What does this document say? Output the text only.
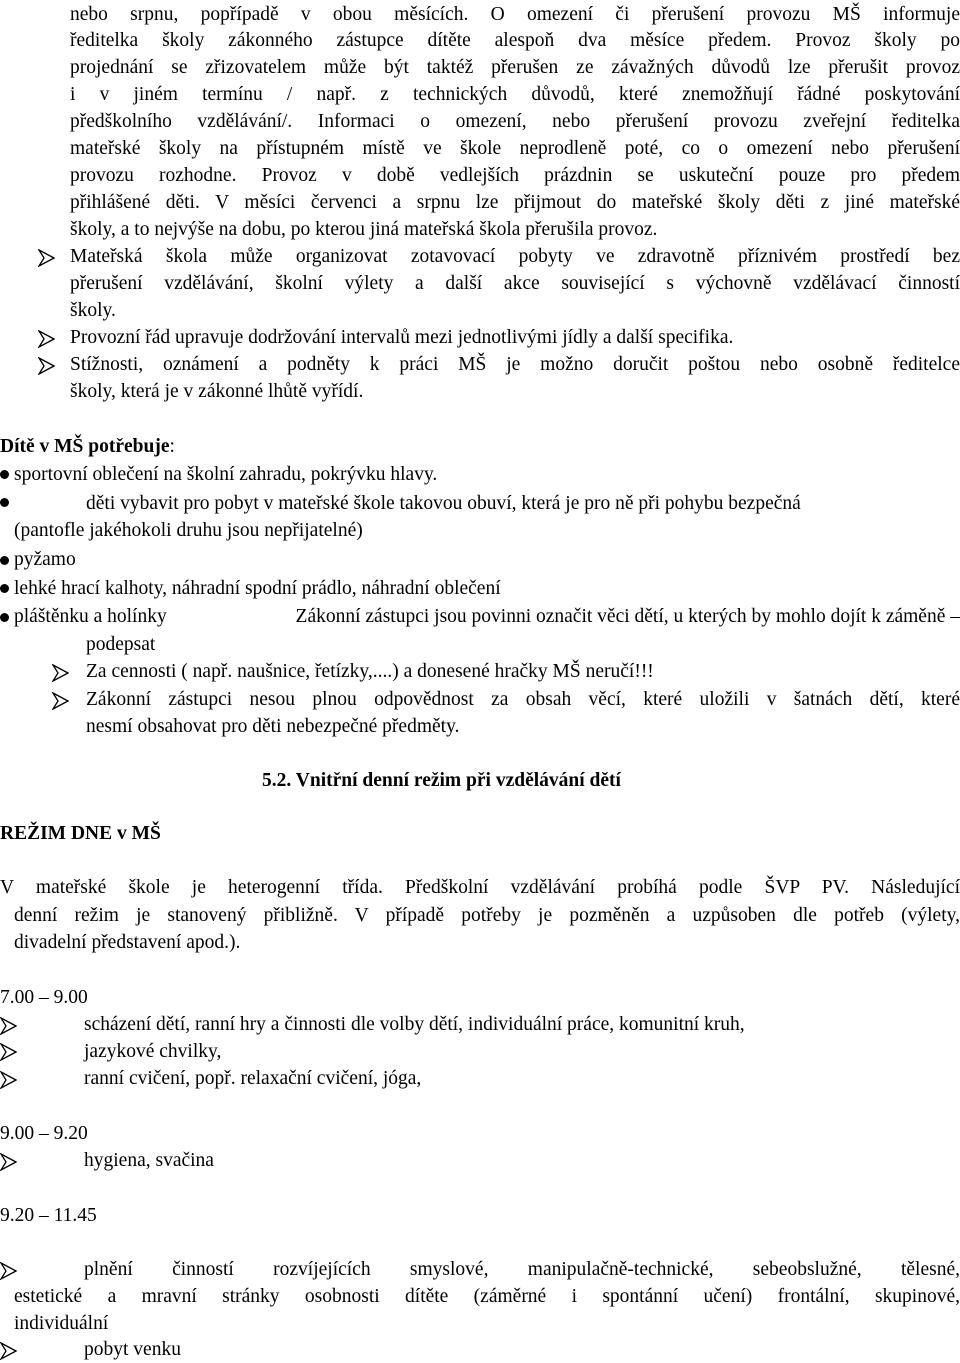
nebo srpnu, popřípadě v obou měsících. O omezení či přerušení provozu MŠ informuje

ředitelka školy zákonného zástupce dítěte alespoň dva měsíce předem. Provoz školy po

projednání se zřizovatelem může být taktéž přerušen ze závažných důvodů lze přerušit provoz

i v jiném termínu / např. z technických důvodů, které znemožňují řádné poskytování

předškolního vzdělávání/. Informaci o omezení, nebo přerušení provozu zveřejní ředitelka

mateřské školy na přístupném místě ve škole neprodleně poté, co o omezení nebo přerušení

provozu rozhodne. Provoz v době vedlejších prázdnin se uskuteční pouze pro předem

přihlášené děti. V měsíci červenci a srpnu lze přijmout do mateřské školy děti z jiné mateřské

školy, a to nejvýše na dobu, po kterou jiná mateřská škola přerušila provoz.

Mateřská škola může organizovat zotavovací pobyty ve zdravotně příznivém prostředí bez

přerušení vzdělávání, školní výlety a další akce související s výchovně vzdělávací činností

školy.

Provozní řád upravuje dodržování intervalů mezi jednotlivými jídly a další specifika.

Stížnosti, oznámení a podněty k práci MŠ je možno doručit poštou nebo osobně ředitelce

školy, která je v zákonné lhůtě vyřídí.

Dítě v MŠ potřebuje:

sportovní oblečení na školní zahradu, pokrývku hlavy.

děti vybavit pro pobyt v mateřské škole takovou obuví, která je pro ně při pohybu bezpečná

(pantofle jakéhokoli druhu jsou nepřijatelné)

pyžamo

lehké hrací kalhoty, náhradní spodní prádlo, náhradní oblečení

pláštěnku a holínky	Zákonní zástupci jsou povinni označit věci dětí, u kterých by mohlo dojít k záměně –

podepsat

Za cennosti ( např. naušnice, řetízky,....) a donesené hračky MŠ neručí!!!

Zákonní zástupci nesou plnou odpovědnost za obsah věcí, které uložili v šatnách dětí, které

nesmí obsahovat pro děti nebezpečné předměty.

5.2. Vnitřní denní režim při vzdělávání dětí

REŽIM DNE v MŠ

V mateřské škole je heterogenní třída. Předškolní vzdělávání probíhá podle ŠVP PV. Následující

denní režim je stanovený přibližně. V případě potřeby je pozměněn a uzpůsoben dle potřeb (výlety,

divadelní představení apod.).

7.00 – 9.00

scházení dětí, ranní hry a činnosti dle volby dětí, individuální práce, komunitní kruh,

jazykové chvilky,

ranní cvičení, popř. relaxační cvičení, jóga,

9.00 – 9.20

hygiena, svačina

9.20 – 11.45

plnění činností rozvíjejících smyslové, manipulačně-technické, sebeobslužné, tělesné,

estetické a mravní stránky osobnosti dítěte (záměrné i spontánní učení) frontální, skupinové,

individuální

pobyt venku
